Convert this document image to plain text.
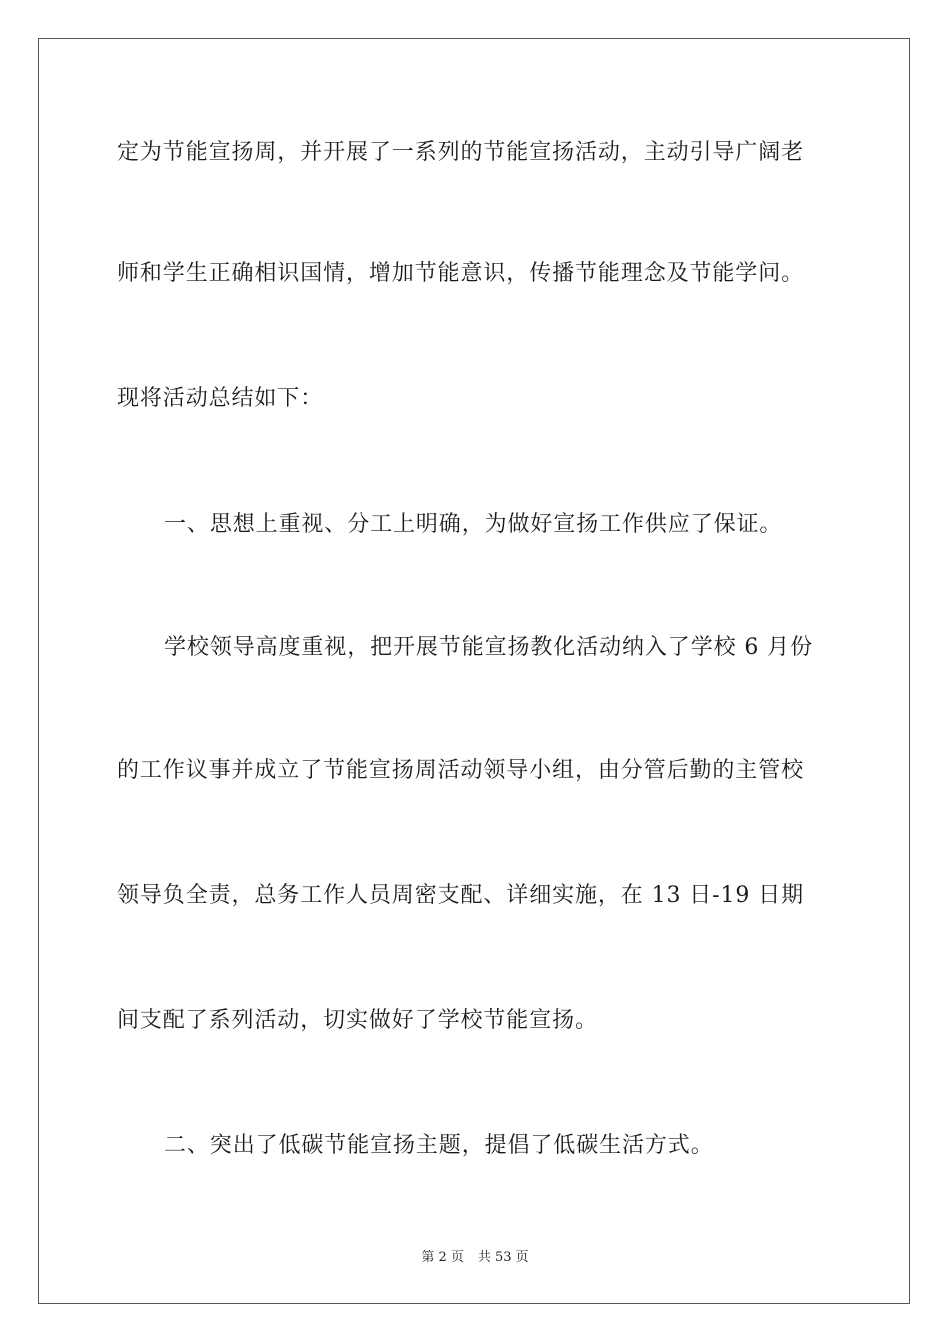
定为节能宣扬周，并开展了一系列的节能宣扬活动，主动引导广阔老
师和学生正确相识国情，增加节能意识，传播节能理念及节能学问。
现将活动总结如下：
一、思想上重视、分工上明确，为做好宣扬工作供应了保证。
学校领导高度重视，把开展节能宣扬教化活动纳入了学校 6 月份
的工作议事并成立了节能宣扬周活动领导小组，由分管后勤的主管校
领导负全责，总务工作人员周密支配、详细实施，在 13 日-19 日期
间支配了系列活动，切实做好了学校节能宣扬。
二、突出了低碳节能宣扬主题，提倡了低碳生活方式。
第 2 页 共 53 页
